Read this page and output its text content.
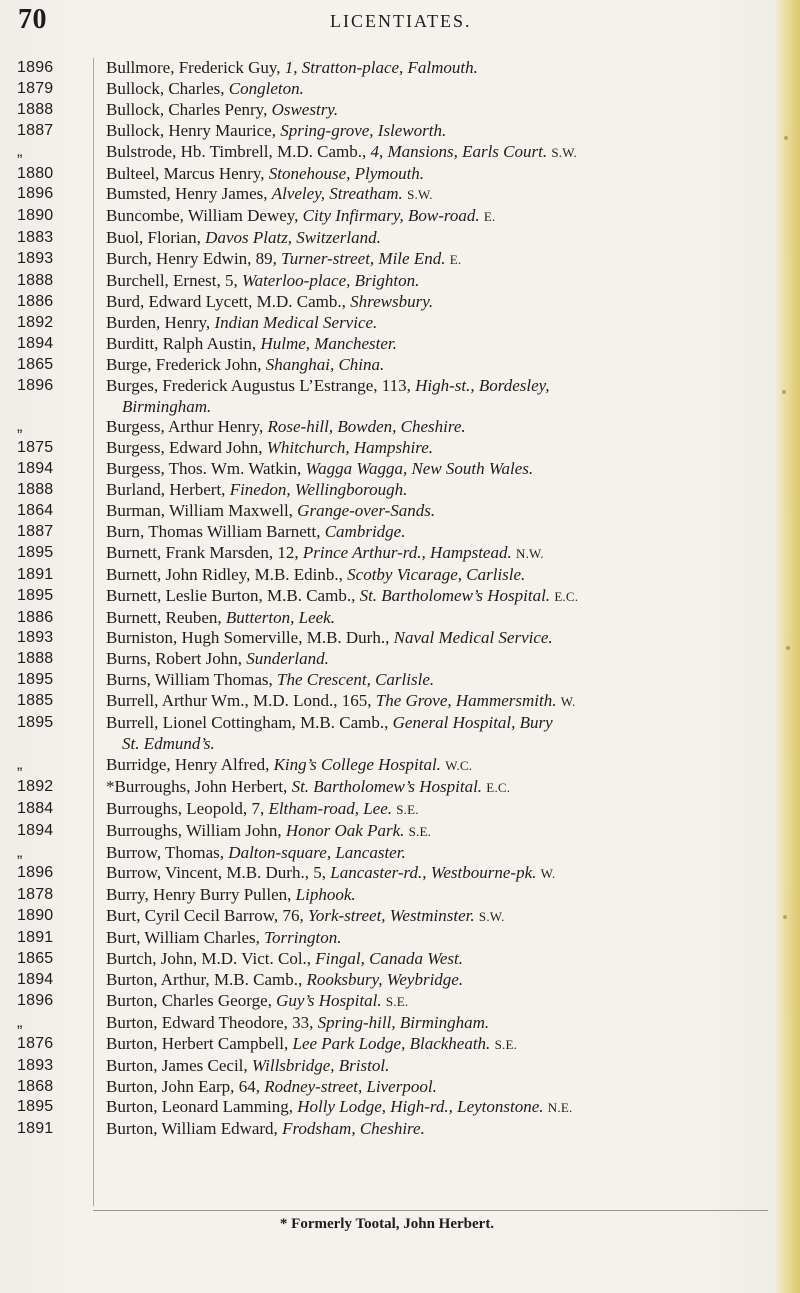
70	LICENTIATES.
1896	Bullmore, Frederick Guy, 1, Stratton-place, Falmouth.
1879	Bullock, Charles, Congleton.
1888	Bullock, Charles Penry, Oswestry.
1887	Bullock, Henry Maurice, Spring-grove, Isleworth.
„	Bulstrode, Hb. Timbrell, M.D. Camb., 4, Mansions, Earls Court. S.W.
1880	Bulteel, Marcus Henry, Stonehouse, Plymouth.
1896	Bumsted, Henry James, Alveley, Streatham. S.W.
1890	Buncombe, William Dewey, City Infirmary, Bow-road. E.
1883	Buol, Florian, Davos Platz, Switzerland.
1893	Burch, Henry Edwin, 89, Turner-street, Mile End. E.
1888	Burchell, Ernest, 5, Waterloo-place, Brighton.
1886	Burd, Edward Lycett, M.D. Camb., Shrewsbury.
1892	Burden, Henry, Indian Medical Service.
1894	Burditt, Ralph Austin, Hulme, Manchester.
1865	Burge, Frederick John, Shanghai, China.
1896	Burges, Frederick Augustus L’Estrange, 113, High-st., Bordesley,
Birmingham.
„	Burgess, Arthur Henry, Rose-hill, Bowden, Cheshire.
1875	Burgess, Edward John, Whitchurch, Hampshire.
1894	Burgess, Thos. Wm. Watkin, Wagga Wagga, New South Wales.
1888	Burland, Herbert, Finedon, Wellingborough.
1864	Burman, William Maxwell, Grange-over-Sands.
1887	Burn, Thomas William Barnett, Cambridge.
1895	Burnett, Frank Marsden, 12, Prince Arthur-rd., Hampstead. N.W.
1891	Burnett, John Ridley, M.B. Edinb., Scotby Vicarage, Carlisle.
1895	Burnett, Leslie Burton, M.B. Camb., St. Bartholomew’s Hospital. E.C.
1886	Burnett, Reuben, Butterton, Leek.
1893	Burniston, Hugh Somerville, M.B. Durh., Naval Medical Service.
1888	Burns, Robert John, Sunderland.
1895	Burns, William Thomas, The Crescent, Carlisle.
1885	Burrell, Arthur Wm., M.D. Lond., 165, The Grove, Hammersmith. W.
1895	Burrell, Lionel Cottingham, M.B. Camb., General Hospital, Bury
St. Edmund’s.
„	Burridge, Henry Alfred, King’s College Hospital. W.C.
1892	*Burroughs, John Herbert, St. Bartholomew’s Hospital. E.C.
1884	Burroughs, Leopold, 7, Eltham-road, Lee. S.E.
1894	Burroughs, William John, Honor Oak Park. S.E.
„	Burrow, Thomas, Dalton-square, Lancaster.
1896	Burrow, Vincent, M.B. Durh., 5, Lancaster-rd., Westbourne-pk. W.
1878	Burry, Henry Burry Pullen, Liphook.
1890	Burt, Cyril Cecil Barrow, 76, York-street, Westminster. S.W.
1891	Burt, William Charles, Torrington.
1865	Burtch, John, M.D. Vict. Col., Fingal, Canada West.
1894	Burton, Arthur, M.B. Camb., Rooksbury, Weybridge.
1896	Burton, Charles George, Guy’s Hospital. S.E.
„	Burton, Edward Theodore, 33, Spring-hill, Birmingham.
1876	Burton, Herbert Campbell, Lee Park Lodge, Blackheath. S.E.
1893	Burton, James Cecil, Willsbridge, Bristol.
1868	Burton, John Earp, 64, Rodney-street, Liverpool.
1895	Burton, Leonard Lamming, Holly Lodge, High-rd., Leytonstone. N.E.
1891	Burton, William Edward, Frodsham, Cheshire.
* Formerly Tootal, John Herbert.
